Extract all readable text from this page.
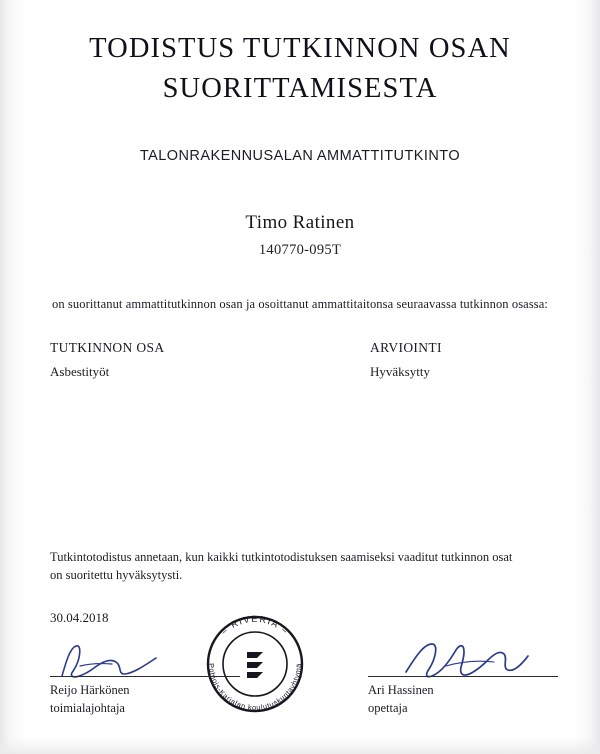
TODISTUS TUTKINNON OSAN
SUORITTAMISESTA
TALONRAKENNUSALAN AMMATTITUTKINTO
Timo Ratinen
140770-095T
on suorittanut ammattitutkinnon osan ja osoittanut ammattitaitonsa seuraavassa tutkinnon osassa:
TUTKINNON OSA
Asbestityöt
ARVIOINTI
Hyväksytty
Tutkintotodistus annetaan, kun kaikki tutkintotodistuksen saamiseksi vaaditut tutkinnon osat
on suoritettu hyväksytysti.
30.04.2018
– RIVERIA –
Pohjois-Karjalan koulutuskuntayhtymä
Reijo Härkönen
toimialajohtaja
Ari Hassinen
opettaja
